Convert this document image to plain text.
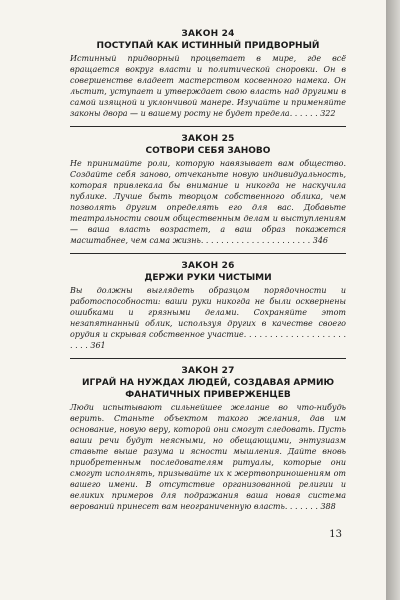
ЗАКОН 24
ПОСТУПАЙ КАК ИСТИННЫЙ ПРИДВОРНЫЙ

Истинный придворный процветает в мире, где всё вращается вокруг власти и политической сноровки. Он в совершенстве владеет мастерством косвенного намека. Он льстит, уступает и утверждает свою власть над другими в самой изящной и уклончивой манере. Изучайте и применяйте законы двора — и вашему росту не будет предела. . . . . . 322

ЗАКОН 25
СОТВОРИ СЕБЯ ЗАНОВО

Не принимайте роли, которую навязывает вам общество. Создайте себя заново, отчеканьте новую индивидуальность, которая привлекала бы внимание и никогда не наскучила публике. Лучше быть творцом собственного облика, чем позволять другим определять его для вас. Добавьте театральности своим общественным делам и выступлениям — ваша власть возрастет, а ваш образ покажется масштабнее, чем сама жизнь. . . . . . . . . . . . . . . . . . . . . . 346

ЗАКОН 26
ДЕРЖИ РУКИ ЧИСТЫМИ

Вы должны выглядеть образцом порядочности и работоспособности: ваши руки никогда не были осквернены ошибками и грязными делами. Сохраняйте этот незапятнанный облик, используя других в качестве своего орудия и скрывая собственное участие. . . . . . . . . . . . . . . . . . . . . . . . 361

ЗАКОН 27
ИГРАЙ НА НУЖДАХ ЛЮДЕЙ, СОЗДАВАЯ АРМИЮ ФАНАТИЧНЫХ ПРИВЕРЖЕНЦЕВ

Люди испытывают сильнейшее желание во что-нибудь верить. Станьте объектом такого желания, дав им основание, новую веру, которой они смогут следовать. Пусть ваши речи будут неясными, но обещающими, энтузиазм ставьте выше разума и ясности мышления. Дайте вновь приобретенным последователям ритуалы, которые они смогут исполнять, призывайте их к жертвоприношениям от вашего имени. В отсутствие организованной религии и великих примеров для подражания ваша новая система верований принесет вам неограниченную власть. . . . . . . 388

13
